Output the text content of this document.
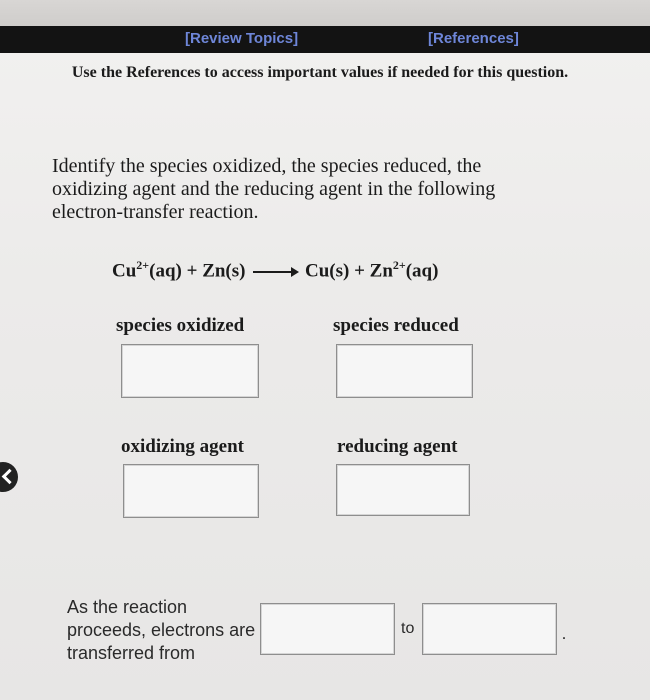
[Review Topics]	[References]
Use the References to access important values if needed for this question.

Identify the species oxidized, the species reduced, the oxidizing agent and the reducing agent in the following electron-transfer reaction.

$Cu^{2+}(aq) + Zn(s) \to Cu(s) + Zn^{2+}(aq)$
species oxidized	species reduced
oxidizing agent	reducing agent
As the reaction proceeds, electrons are transferred from
to	.
